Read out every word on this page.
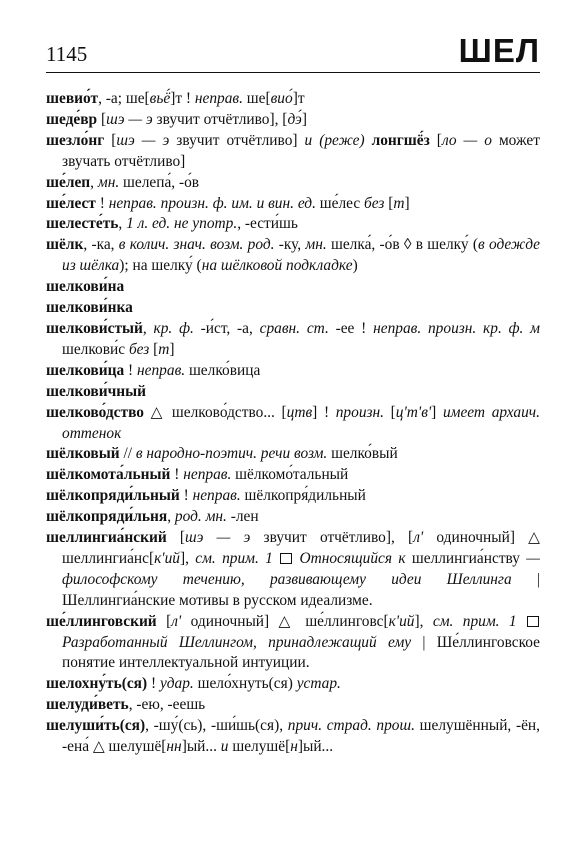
1145	ШЕЛ
шевио́т, -а; ше[вьё́]т ! неправ. ше[вио́]т
шеде́вр [шэ — э звучит отчётливо], [дэ́]
шезло́нг [шэ — э звучит отчётливо] и (реже) лонгшё́з [ло — о может звучать отчётливо]
ше́леп, мн. шелепа́, -о́в
ше́лест ! неправ. произн. ф. им. и вин. ед. ше́лес без [т]
шелесте́ть, 1 л. ед. не употр., -ести́шь
шёлк, -ка, в колич. знач. возм. род. -ку, мн. шелка́, -о́в ◊ в шелку́ (в одежде из шёлка); на шелку́ (на шёлковой подкладке)
шелкови́на
шелкови́нка
шелкови́стый, кр. ф. -и́ст, -а, сравн. ст. -ее ! неправ. произн. кр. ф. м шелкови́с без [т]
шелкови́ца ! неправ. шелко́вица
шелкови́чный
шелково́дство △ шелково́дство... [цтв] ! произн. [ц'т'в'] имеет архаич. оттенок
шёлковый // в народно-поэтич. речи возм. шелко́вый
шёлкомота́льный ! неправ. шёлкомо́тальный
шёлкопряди́льный ! неправ. шёлкопря́дильный
шёлкопряди́льня, род. мн. -лен
шеллингиа́нский [шэ — э звучит отчётливо], [л' одиночный] △ шеллингиа́нс[к'ий], см. прим. 1 Относящийся к шеллингиа́нству — философскому течению, развивающему идеи Шеллинга | Шеллингиа́нские мотивы в русском идеализме.
ше́ллинговский [л' одиночный] △ ше́ллинговс[к'ий], см. прим. 1  Разработанный Шеллингом, принадлежащий ему | Ше́ллинговское понятие интеллектуальной интуиции.
шелохну́ть(ся) ! удар. шело́хнуть(ся) устар.
шелуди́веть, -ею, -еешь
шелуши́ть(ся), -шу́(сь), -ши́шь(ся), прич. страд. прош. шелушённый, -ён, -ена́ △ шелушё[нн]ый... и шелушё[н]ый...
